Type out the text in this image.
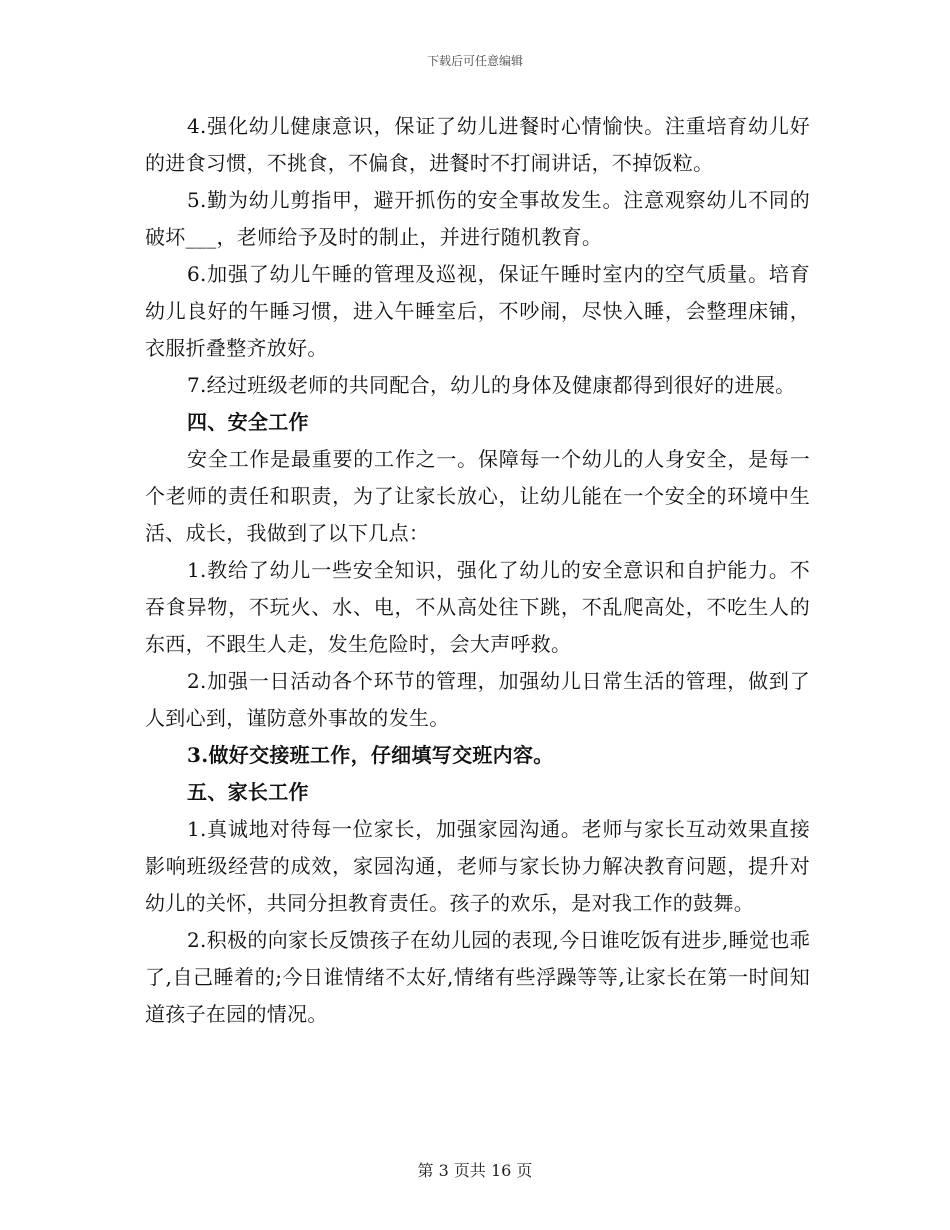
下载后可任意编辑

4.强化幼儿健康意识，保证了幼儿进餐时心情愉快。注重培育幼儿好的进食习惯，不挑食，不偏食，进餐时不打闹讲话，不掉饭粒。

5.勤为幼儿剪指甲，避开抓伤的安全事故发生。注意观察幼儿不同的破坏___，老师给予及时的制止，并进行随机教育。

6.加强了幼儿午睡的管理及巡视，保证午睡时室内的空气质量。培育幼儿良好的午睡习惯，进入午睡室后，不吵闹，尽快入睡，会整理床铺，衣服折叠整齐放好。

7.经过班级老师的共同配合，幼儿的身体及健康都得到很好的进展。

四、安全工作

安全工作是最重要的工作之一。保障每一个幼儿的人身安全，是每一个老师的责任和职责，为了让家长放心，让幼儿能在一个安全的环境中生活、成长，我做到了以下几点：

1.教给了幼儿一些安全知识，强化了幼儿的安全意识和自护能力。不吞食异物，不玩火、水、电，不从高处往下跳，不乱爬高处，不吃生人的东西，不跟生人走，发生危险时，会大声呼救。

2.加强一日活动各个环节的管理，加强幼儿日常生活的管理，做到了人到心到，谨防意外事故的发生。

3.做好交接班工作，仔细填写交班内容。

五、家长工作

1.真诚地对待每一位家长，加强家园沟通。老师与家长互动效果直接影响班级经营的成效，家园沟通，老师与家长协力解决教育问题，提升对幼儿的关怀，共同分担教育责任。孩子的欢乐，是对我工作的鼓舞。

2.积极的向家长反馈孩子在幼儿园的表现,今日谁吃饭有进步,睡觉也乖了,自己睡着的;今日谁情绪不太好,情绪有些浮躁等等,让家长在第一时间知道孩子在园的情况。

第 3 页共 16 页
